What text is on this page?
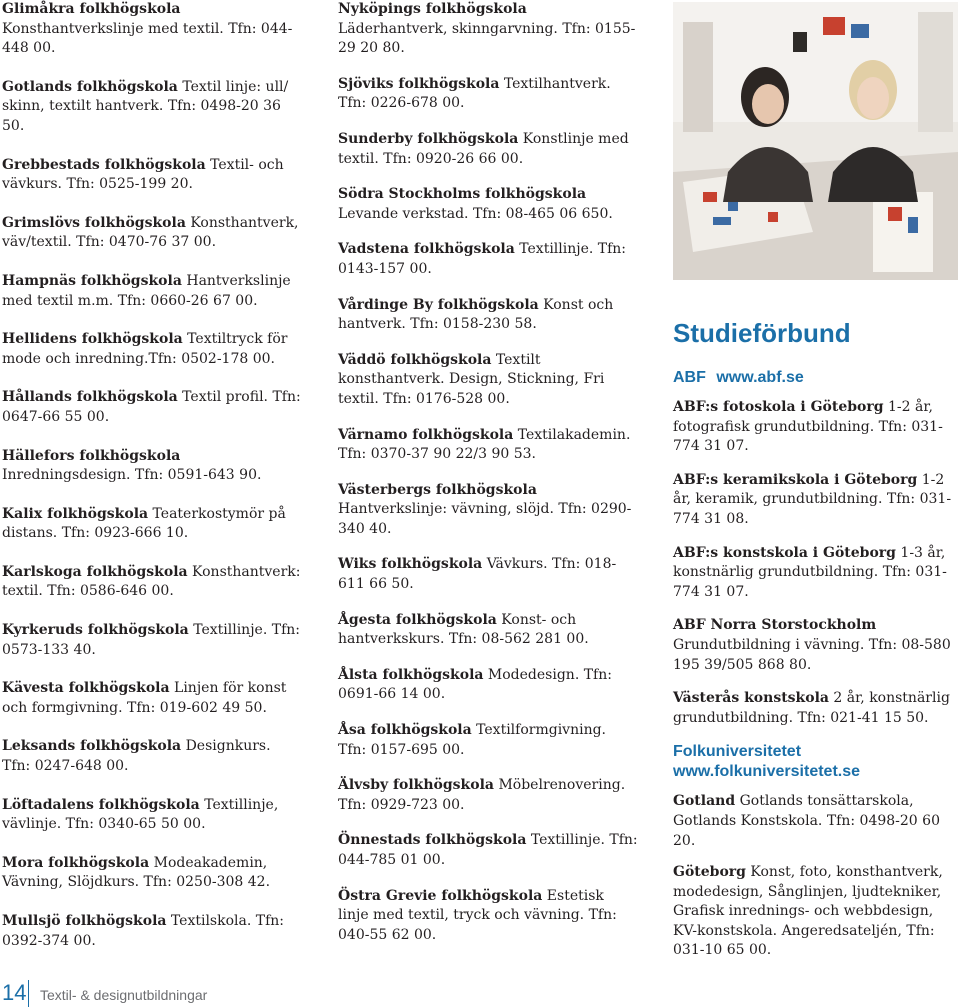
Glimåkra folkhögskola Konsthantverkslinje med textil. Tfn: 044-448 00.
Gotlands folkhögskola Textil linje: ull/ skinn, textilt hantverk. Tfn: 0498-20 36 50.
Grebbestads folkhögskola Textil- och vävkurs. Tfn: 0525-199 20.
Grimslövs folkhögskola Konsthantverk, väv/textil. Tfn: 0470-76 37 00.
Hampnäs folkhögskola Hantverkslinje med textil m.m. Tfn: 0660-26 67 00.
Hellidens folkhögskola Textiltryck för mode och inredning.Tfn: 0502-178 00.
Hållands folkhögskola Textil profil. Tfn: 0647-66 55 00.
Hällefors folkhögskola Inredningsdesign. Tfn: 0591-643 90.
Kalix folkhögskola Teaterkostymör på distans. Tfn: 0923-666 10.
Karlskoga folkhögskola Konsthantverk: textil. Tfn: 0586-646 00.
Kyrkeruds folkhögskola Textillinje. Tfn: 0573-133 40.
Kävesta folkhögskola Linjen för konst och formgivning. Tfn: 019-602 49 50.
Leksands folkhögskola Designkurs. Tfn: 0247-648 00.
Löftadalens folkhögskola Textillinje, vävlinje. Tfn: 0340-65 50 00.
Mora folkhögskola Modeakademin, Vävning, Slöjdkurs. Tfn: 0250-308 42.
Mullsjö folkhögskola Textilskola. Tfn: 0392-374 00.
Nyköpings folkhögskola Läderhantverk, skinngarvning. Tfn: 0155-29 20 80.
Sjöviks folkhögskola Textilhantverk. Tfn: 0226-678 00.
Sunderby folkhögskola Konstlinje med textil. Tfn: 0920-26 66 00.
Södra Stockholms folkhögskola Levande verkstad. Tfn: 08-465 06 650.
Vadstena folkhögskola Textillinje. Tfn: 0143-157 00.
Vårdinge By folkhögskola Konst och hantverk. Tfn: 0158-230 58.
Väddö folkhögskola Textilt konsthantverk. Design, Stickning, Fri textil. Tfn: 0176-528 00.
Värnamo folkhögskola Textilakademin. Tfn: 0370-37 90 22/3 90 53.
Västerbergs folkhögskola Hantverkslinje: vävning, slöjd. Tfn: 0290-340 40.
Wiks folkhögskola Vävkurs. Tfn: 018-611 66 50.
Ågesta folkhögskola Konst- och hantverkskurs. Tfn: 08-562 281 00.
Ålsta folkhögskola Modedesign. Tfn: 0691-66 14 00.
Åsa folkhögskola Textilformgivning. Tfn: 0157-695 00.
Älvsby folkhögskola Möbelrenovering. Tfn: 0929-723 00.
Önnestads folkhögskola Textillinje. Tfn: 044-785 01 00.
Östra Grevie folkhögskola Estetisk linje med textil, tryck och vävning. Tfn: 040-55 62 00.
Studieförbund
ABF www.abf.se
ABF:s fotoskola i Göteborg 1-2 år, fotografisk grundutbildning. Tfn: 031-774 31 07.
ABF:s keramikskola i Göteborg 1-2 år, keramik, grundutbildning. Tfn: 031-774 31 08.
ABF:s konstskola i Göteborg 1-3 år, konstnärlig grundutbildning. Tfn: 031-774 31 07.
ABF Norra Storstockholm Grundutbildning i vävning. Tfn: 08-580 195 39/505 868 80.
Västerås konstskola 2 år, konstnärlig grundutbildning. Tfn: 021-41 15 50.
Folkuniversitetet
www.folkuniversitetet.se
Gotland Gotlands tonsättarskola, Gotlands Konstskola. Tfn: 0498-20 60 20.
Göteborg Konst, foto, konsthantverk, modedesign, Sånglinjen, ljudtekniker, Grafisk inrednings- och webbdesign, KV-konstskola. Angeredsateljén, Tfn: 031-10 65 00.
14 Textil- & designutbildningar
